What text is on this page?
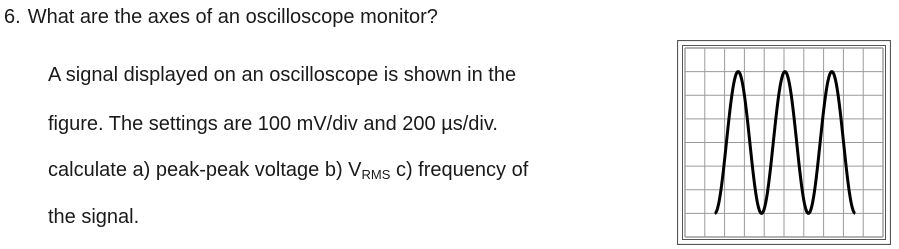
6. What are the axes of an oscilloscope monitor?
A signal displayed on an oscilloscope is shown in the
figure. The settings are 100 mV/div and 200 µs/div.
calculate a) peak-peak voltage b) VRMS c) frequency of
the signal.
